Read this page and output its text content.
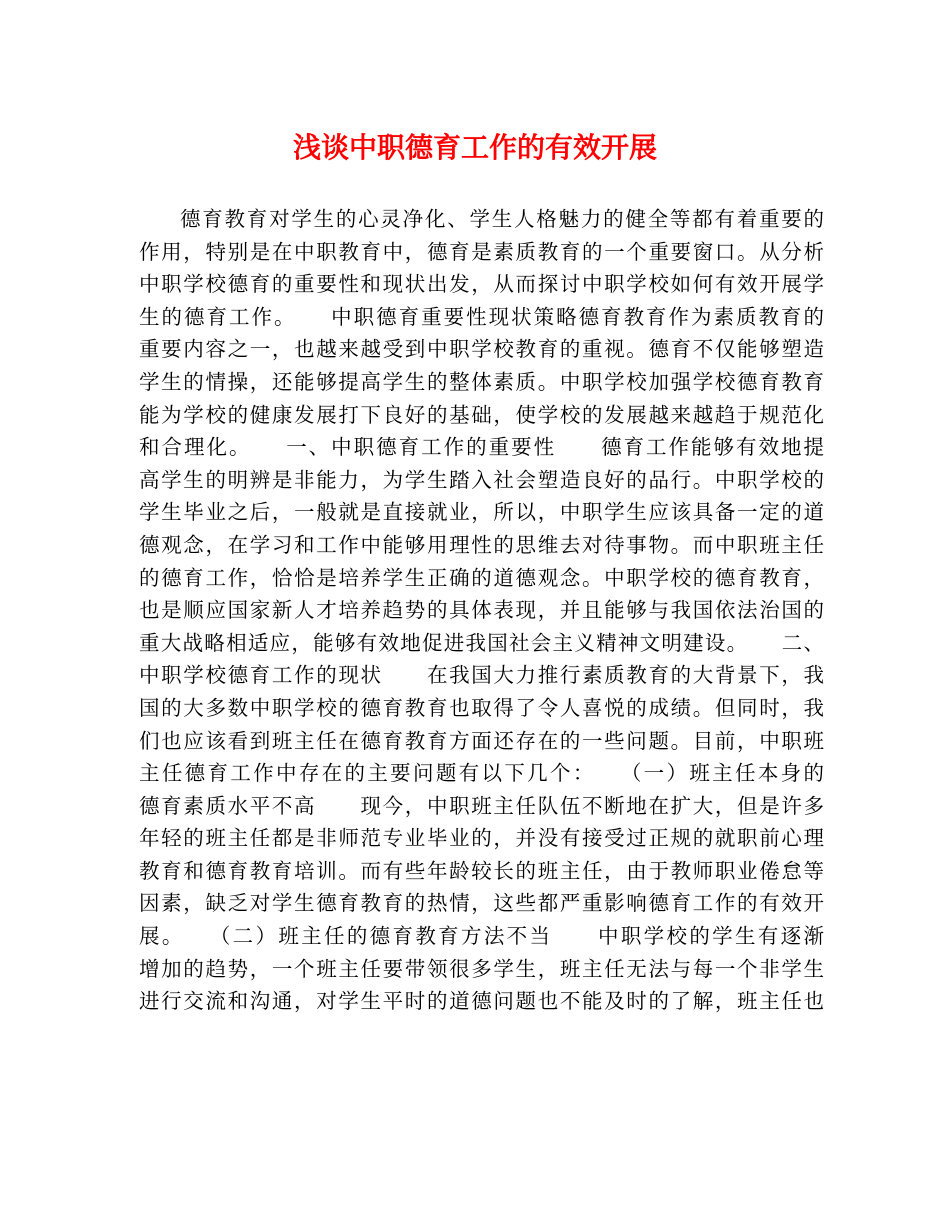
浅谈中职德育工作的有效开展
德育教育对学生的心灵净化、学生人格魅力的健全等都有着重要的
作用，特别是在中职教育中，德育是素质教育的一个重要窗口。从分析
中职学校德育的重要性和现状出发，从而探讨中职学校如何有效开展学
生的德育工作。　　中职德育重要性现状策略德育教育作为素质教育的
重要内容之一，也越来越受到中职学校教育的重视。德育不仅能够塑造
学生的情操，还能够提高学生的整体素质。中职学校加强学校德育教育
能为学校的健康发展打下良好的基础，使学校的发展越来越趋于规范化
和合理化。　　一、中职德育工作的重要性　　德育工作能够有效地提
高学生的明辨是非能力，为学生踏入社会塑造良好的品行。中职学校的
学生毕业之后，一般就是直接就业，所以，中职学生应该具备一定的道
德观念，在学习和工作中能够用理性的思维去对待事物。而中职班主任
的德育工作，恰恰是培养学生正确的道德观念。中职学校的德育教育，
也是顺应国家新人才培养趋势的具体表现，并且能够与我国依法治国的
重大战略相适应，能够有效地促进我国社会主义精神文明建设。　　二、
中职学校德育工作的现状　　在我国大力推行素质教育的大背景下，我
国的大多数中职学校的德育教育也取得了令人喜悦的成绩。但同时，我
们也应该看到班主任在德育教育方面还存在的一些问题。目前，中职班
主任德育工作中存在的主要问题有以下几个：　　（一）班主任本身的
德育素质水平不高　　现今，中职班主任队伍不断地在扩大，但是许多
年轻的班主任都是非师范专业毕业的，并没有接受过正规的就职前心理
教育和德育教育培训。而有些年龄较长的班主任，由于教师职业倦怠等
因素，缺乏对学生德育教育的热情，这些都严重影响德育工作的有效开
展。　　（二）班主任的德育教育方法不当　　中职学校的学生有逐渐
增加的趋势，一个班主任要带领很多学生，班主任无法与每一个非学生
进行交流和沟通，对学生平时的道德问题也不能及时的了解，班主任也
